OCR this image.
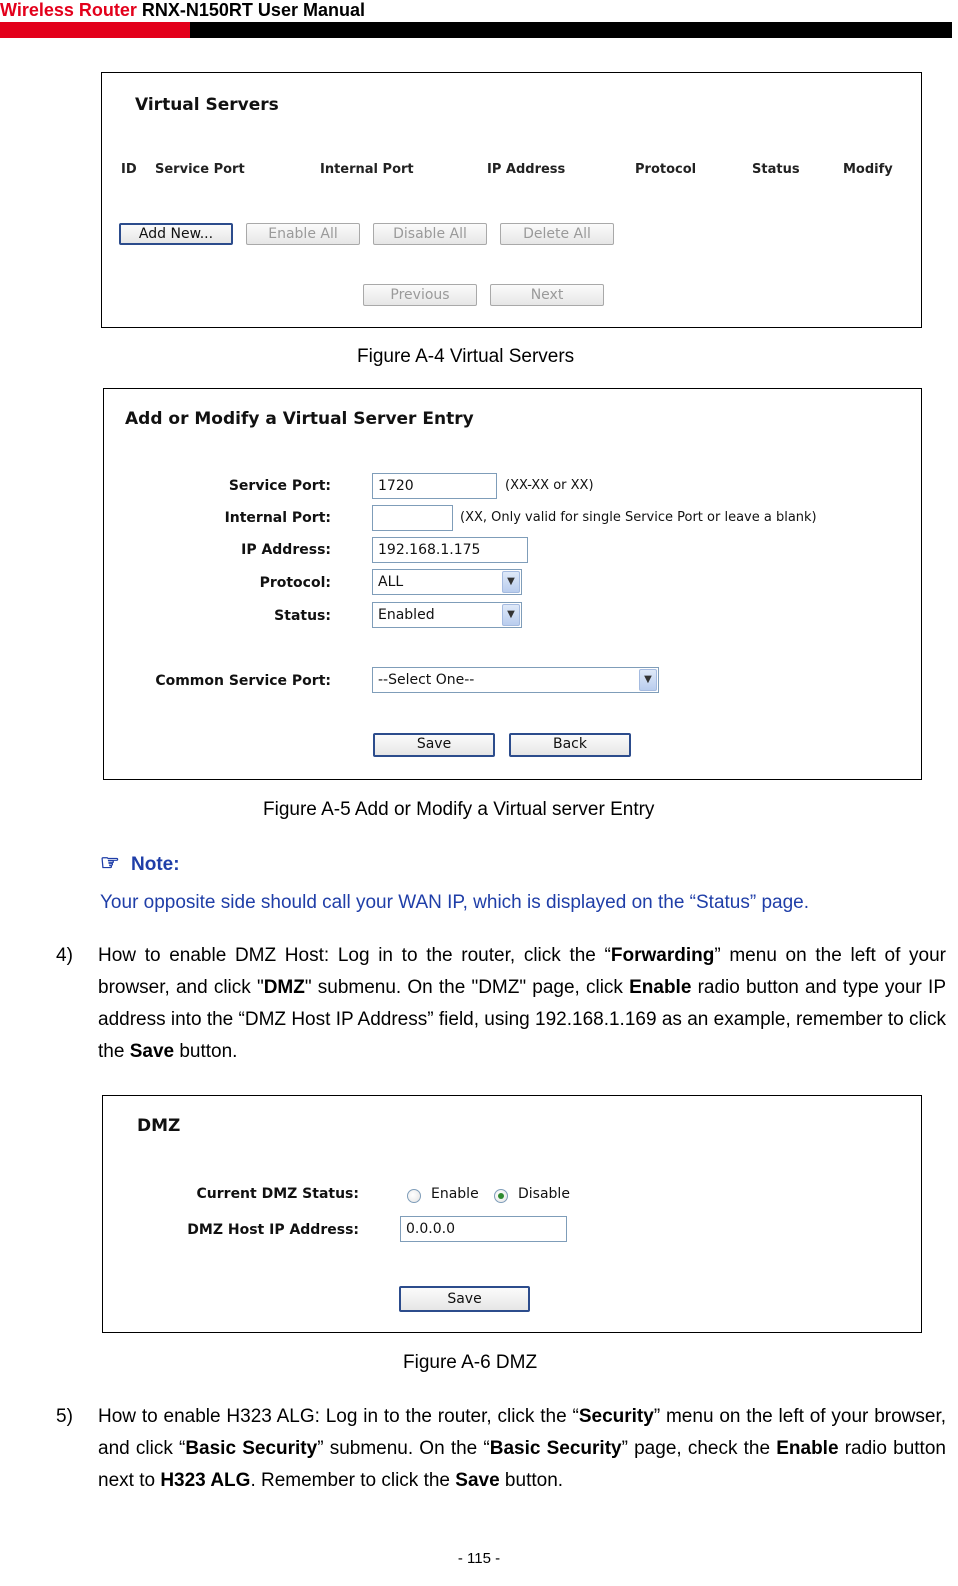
Wireless Router RNX-N150RT User Manual
Virtual Servers
ID Service Port	Internal Port	IP Address	Protocol	Status	Modify
Add New...	Enable All	Disable All	Delete All
Previous	Next
Figure A-4 Virtual Servers
Add or Modify a Virtual Server Entry
Service Port:	1720	(XX-XX or XX)
Internal Port:	(XX, Only valid for single Service Port or leave a blank)
IP Address:	192.168.1.175
Protocol:	ALL	▼
Status:	Enabled	▼
Common Service Port:	--Select One--	▼
Save	Back
Figure A-5 Add or Modify a Virtual server Entry
☞ Note:
Your opposite side should call your WAN IP, which is displayed on the “Status” page.
4) How to enable DMZ Host: Log in to the router, click the “Forwarding” menu on the left of your browser, and click "DMZ" submenu. On the "DMZ" page, click Enable radio button and type your IP address into the “DMZ Host IP Address” field, using 192.168.1.169 as an example, remember to click the Save button.
DMZ
Current DMZ Status:	Enable	Disable
DMZ Host IP Address:	0.0.0.0
Save
Figure A-6 DMZ
5) How to enable H323 ALG: Log in to the router, click the “Security” menu on the left of your browser, and click “Basic Security” submenu. On the “Basic Security” page, check the Enable radio button next to H323 ALG. Remember to click the Save button.
- 115 -
